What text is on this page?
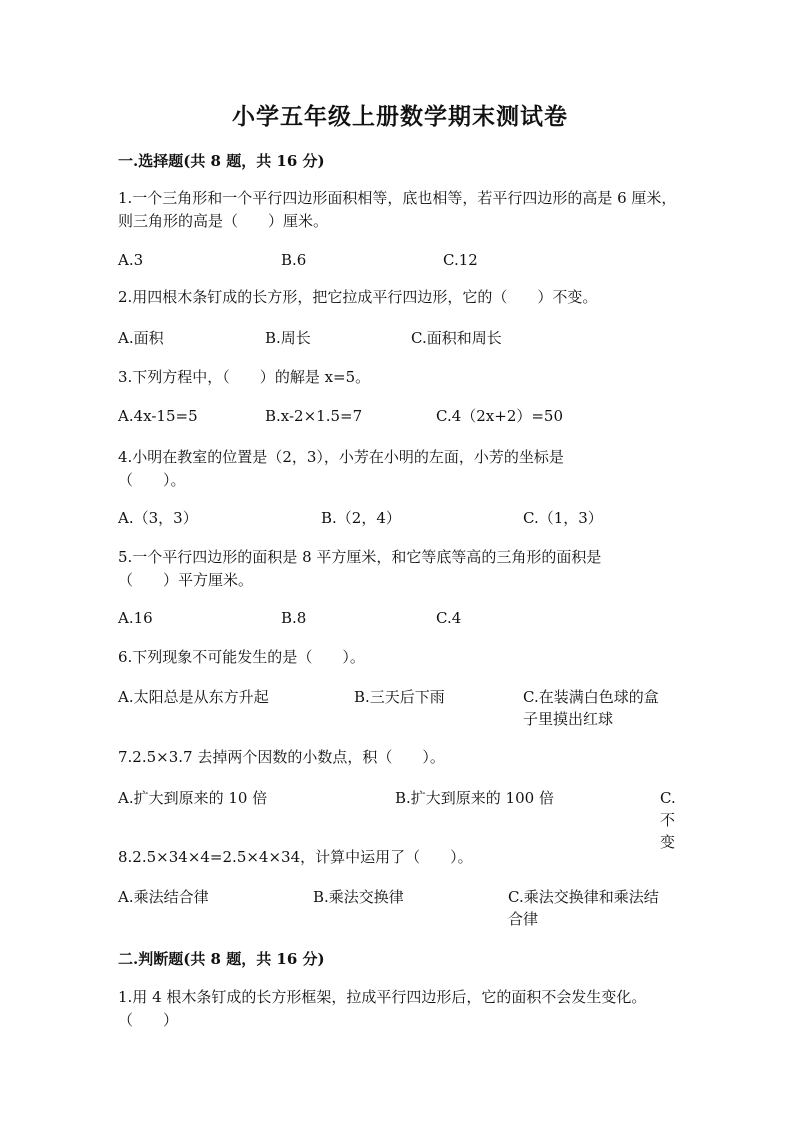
小学五年级上册数学期末测试卷
一.选择题(共 8 题，共 16 分)
1.一个三角形和一个平行四边形面积相等，底也相等，若平行四边形的高是 6 厘米，则三角形的高是（　　）厘米。
A.3	B.6	C.12
2.用四根木条钉成的长方形，把它拉成平行四边形，它的（　　）不变。
A.面积	B.周长	C.面积和周长
3.下列方程中，（　　）的解是 x=5。
A.4x-15=5	B.x-2×1.5=7	C.4（2x+2）=50
4.小明在教室的位置是（2，3），小芳在小明的左面，小芳的坐标是（　　）。
A.（3，3）	B.（2，4）	C.（1，3）
5.一个平行四边形的面积是 8 平方厘米，和它等底等高的三角形的面积是（　　）平方厘米。
A.16	B.8	C.4
6.下列现象不可能发生的是（　　）。
A.太阳总是从东方升起	B.三天后下雨	C.在装满白色球的盒子里摸出红球
7.2.5×3.7 去掉两个因数的小数点，积（　　）。
A.扩大到原来的 10 倍	B.扩大到原来的 100 倍	C.不变
8.2.5×34×4=2.5×4×34，计算中运用了（　　）。
A.乘法结合律	B.乘法交换律	C.乘法交换律和乘法结合律
二.判断题(共 8 题，共 16 分)
1.用 4 根木条钉成的长方形框架，拉成平行四边形后，它的面积不会发生变化。（　　）
